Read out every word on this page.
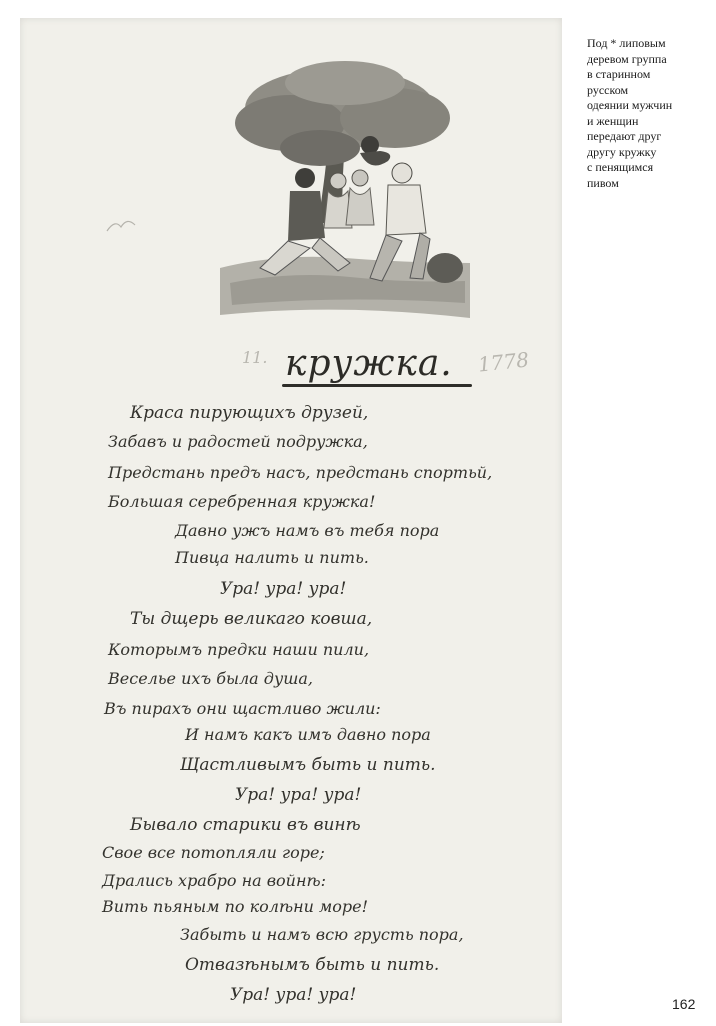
11.	1778
кружка.
Краса пирующихъ друзей,
Забавъ и радостей подружка,
Предстань предъ насъ, предстань спортьй,
Большая серебренная кружка!
Давно ужъ намъ въ тебя пора
Пивца налить и пить.
Ура! ура! ура!
Ты дщерь великаго ковша,
Которымъ предки наши пили,
Веселье ихъ была душа,
Въ пирахъ они щастливо жили:
И намъ какъ имъ давно пора
Щастливымъ быть и пить.
Ура! ура! ура!
Бывало старики въ винѣ
Свое все потопляли горе;
Дрались храбро на войнѣ:
Вить пьяным по колѣни море!
Забыть и намъ всю грусть пора,
Отвазѣнымъ быть и пить.
Ура! ура! ура!
Под * липовым
деревом группа
в старинном
русском
одеянии мужчин
и женщин
передают друг
другу кружку
с пенящимся
пивом
162
